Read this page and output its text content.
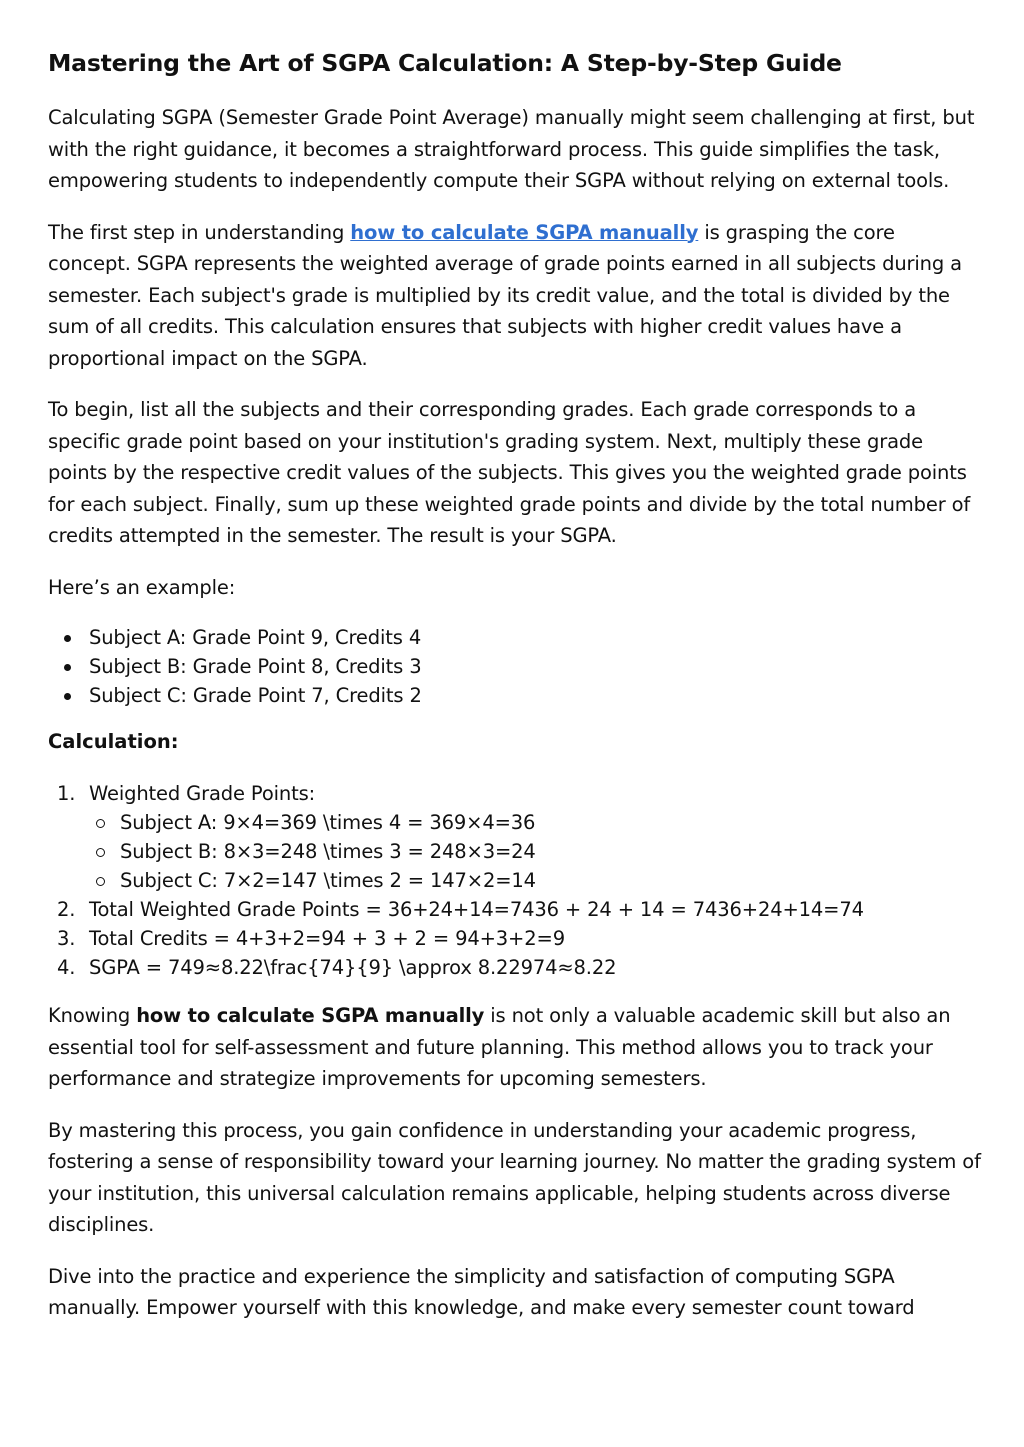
Mastering the Art of SGPA Calculation: A Step-by-Step Guide

Calculating SGPA (Semester Grade Point Average) manually might seem challenging at first, but with the right guidance, it becomes a straightforward process. This guide simplifies the task, empowering students to independently compute their SGPA without relying on external tools.

The first step in understanding how to calculate SGPA manually is grasping the core concept. SGPA represents the weighted average of grade points earned in all subjects during a semester. Each subject's grade is multiplied by its credit value, and the total is divided by the sum of all credits. This calculation ensures that subjects with higher credit values have a proportional impact on the SGPA.

To begin, list all the subjects and their corresponding grades. Each grade corresponds to a specific grade point based on your institution's grading system. Next, multiply these grade points by the respective credit values of the subjects. This gives you the weighted grade points for each subject. Finally, sum up these weighted grade points and divide by the total number of credits attempted in the semester. The result is your SGPA.

Here’s an example:

Subject A: Grade Point 9, Credits 4
Subject B: Grade Point 8, Credits 3
Subject C: Grade Point 7, Credits 2
Calculation:
1. Weighted Grade Points:
Subject A: 9×4=369 \times 4 = 369×4=36
Subject B: 8×3=248 \times 3 = 248×3=24
Subject C: 7×2=147 \times 2 = 147×2=14
2. Total Weighted Grade Points = 36+24+14=7436 + 24 + 14 = 7436+24+14=74
3. Total Credits = 4+3+2=94 + 3 + 2 = 94+3+2=9
4. SGPA = 749≈8.22\frac{74}{9} \approx 8.22974≈8.22

Knowing how to calculate SGPA manually is not only a valuable academic skill but also an essential tool for self-assessment and future planning. This method allows you to track your performance and strategize improvements for upcoming semesters.

By mastering this process, you gain confidence in understanding your academic progress, fostering a sense of responsibility toward your learning journey. No matter the grading system of your institution, this universal calculation remains applicable, helping students across diverse disciplines.

Dive into the practice and experience the simplicity and satisfaction of computing SGPA manually. Empower yourself with this knowledge, and make every semester count toward
